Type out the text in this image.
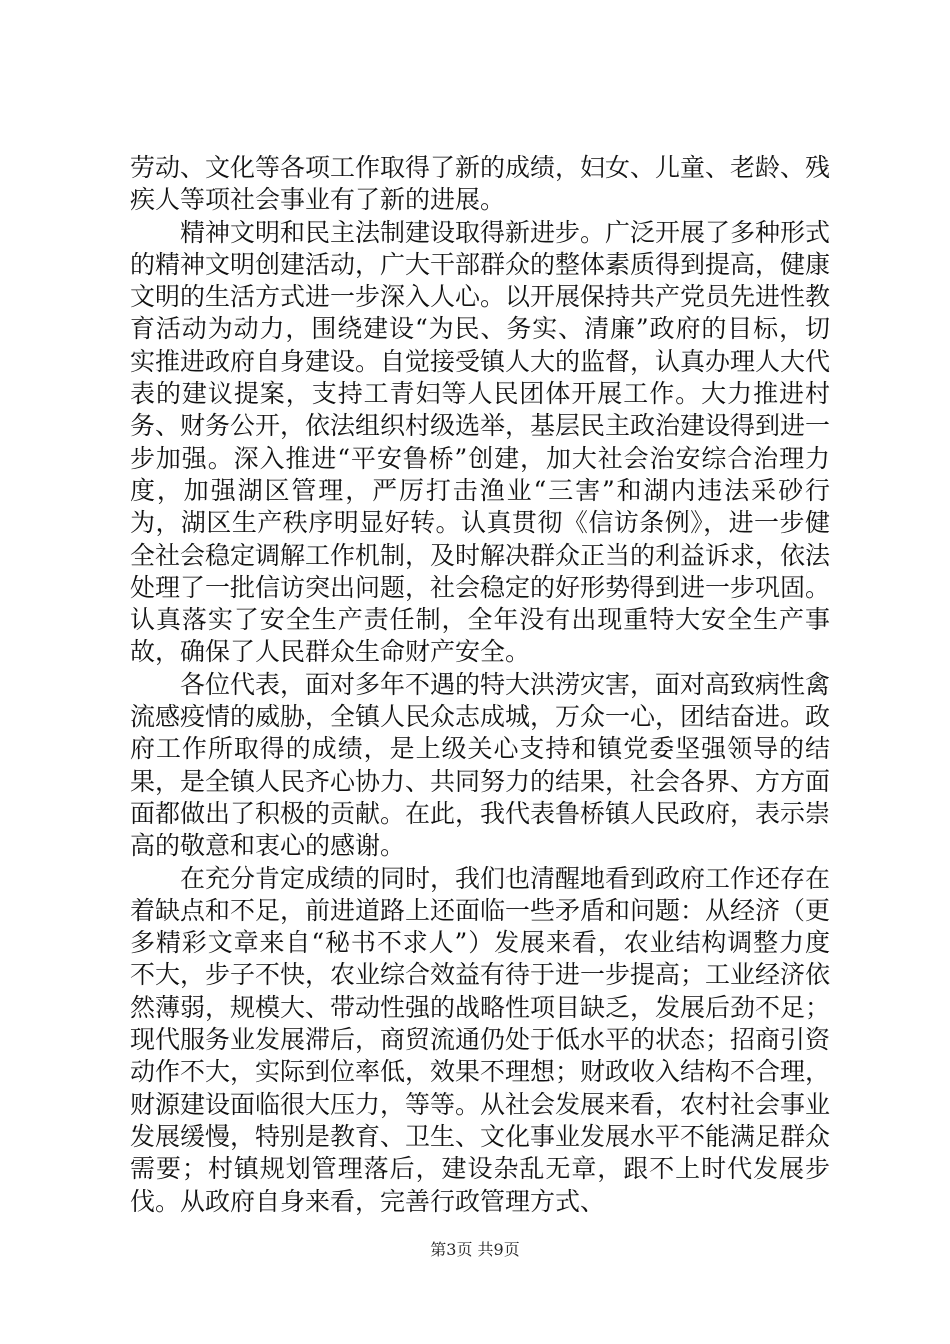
劳动、文化等各项工作取得了新的成绩，妇女、儿童、老龄、残疾人等项社会事业有了新的进展。

精神文明和民主法制建设取得新进步。广泛开展了多种形式的精神文明创建活动，广大干部群众的整体素质得到提高，健康文明的生活方式进一步深入人心。以开展保持共产党员先进性教育活动为动力，围绕建设“为民、务实、清廉”政府的目标，切实推进政府自身建设。自觉接受镇人大的监督，认真办理人大代表的建议提案，支持工青妇等人民团体开展工作。大力推进村务、财务公开，依法组织村级选举，基层民主政治建设得到进一步加强。深入推进“平安鲁桥”创建，加大社会治安综合治理力度，加强湖区管理，严厉打击渔业“三害”和湖内违法采砂行为，湖区生产秩序明显好转。认真贯彻《信访条例》，进一步健全社会稳定调解工作机制，及时解决群众正当的利益诉求，依法处理了一批信访突出问题，社会稳定的好形势得到进一步巩固。认真落实了安全生产责任制，全年没有出现重特大安全生产事故，确保了人民群众生命财产安全。

各位代表，面对多年不遇的特大洪涝灾害，面对高致病性禽流感疫情的威胁，全镇人民众志成城，万众一心，团结奋进。政府工作所取得的成绩，是上级关心支持和镇党委坚强领导的结果，是全镇人民齐心协力、共同努力的结果，社会各界、方方面面都做出了积极的贡献。在此，我代表鲁桥镇人民政府，表示崇高的敬意和衷心的感谢。

在充分肯定成绩的同时，我们也清醒地看到政府工作还存在着缺点和不足，前进道路上还面临一些矛盾和问题：从经济（更多精彩文章来自“秘书不求人”）发展来看，农业结构调整力度不大，步子不快，农业综合效益有待于进一步提高；工业经济依然薄弱，规模大、带动性强的战略性项目缺乏，发展后劲不足；现代服务业发展滞后，商贸流通仍处于低水平的状态；招商引资动作不大，实际到位率低，效果不理想；财政收入结构不合理，财源建设面临很大压力，等等。从社会发展来看，农村社会事业发展缓慢，特别是教育、卫生、文化事业发展水平不能满足群众需要；村镇规划管理落后，建设杂乱无章，跟不上时代发展步伐。从政府自身来看，完善行政管理方式、

第3页 共9页
